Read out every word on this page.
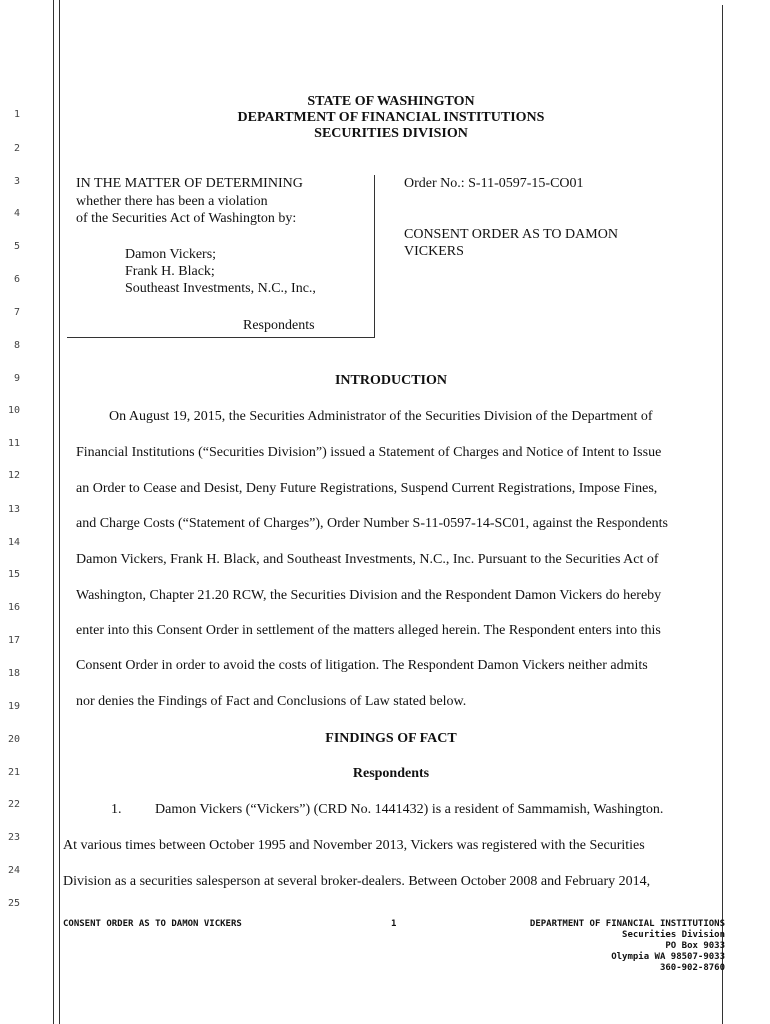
1
2
3
4
5
6
7
8
9
10
11
12
13
14
15
16
17
18
19
20
21
22
23
24
25
STATE OF WASHINGTON
DEPARTMENT OF FINANCIAL INSTITUTIONS
SECURITIES DIVISION
IN THE MATTER OF DETERMINING
whether there has been a violation
of the Securities Act of Washington by:
Damon Vickers;
Frank H. Black;
Southeast Investments, N.C., Inc.,
Respondents
Order No.: S-11-0597-15-CO01
CONSENT ORDER AS TO DAMON
VICKERS
INTRODUCTION
On August 19, 2015, the Securities Administrator of the Securities Division of the Department of
Financial Institutions (“Securities Division”) issued a Statement of Charges and Notice of Intent to Issue
an Order to Cease and Desist, Deny Future Registrations, Suspend Current Registrations, Impose Fines,
and Charge Costs (“Statement of Charges”), Order Number S-11-0597-14-SC01, against the Respondents
Damon Vickers, Frank H. Black, and Southeast Investments, N.C., Inc. Pursuant to the Securities Act of
Washington, Chapter 21.20 RCW, the Securities Division and the Respondent Damon Vickers do hereby
enter into this Consent Order in settlement of the matters alleged herein. The Respondent enters into this
Consent Order in order to avoid the costs of litigation. The Respondent Damon Vickers neither admits
nor denies the Findings of Fact and Conclusions of Law stated below.
FINDINGS OF FACT
Respondents
1. Damon Vickers (“Vickers”) (CRD No. 1441432) is a resident of Sammamish, Washington.
At various times between October 1995 and November 2013, Vickers was registered with the Securities
Division as a securities salesperson at several broker-dealers. Between October 2008 and February 2014,
CONSENT ORDER AS TO DAMON VICKERS	1	DEPARTMENT OF FINANCIAL INSTITUTIONS
Securities Division
PO Box 9033
Olympia WA 98507-9033
360-902-8760
